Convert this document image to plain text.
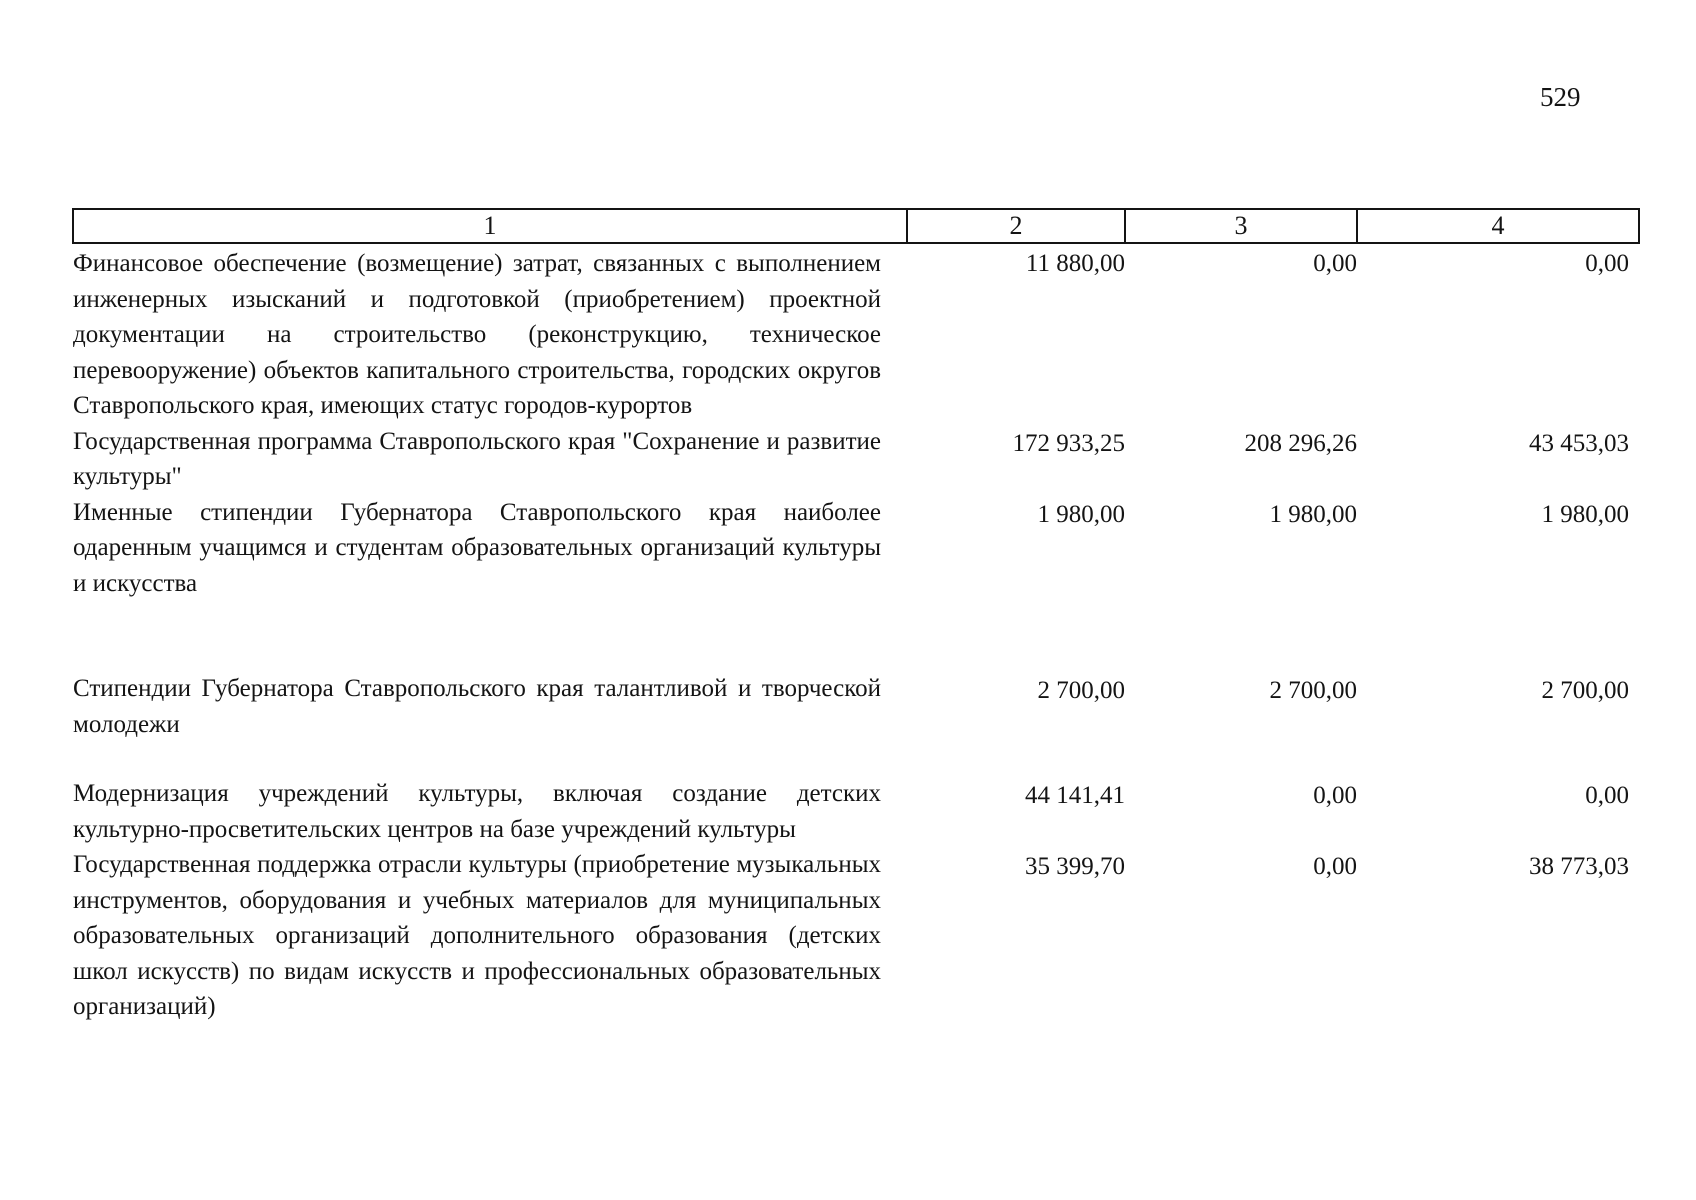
529
1	2	3	4
Финансовое обеспечение (возмещение) затрат, связанных с выполнением инженерных изысканий и подготовкой (приобретением) проектной документации на строительство (реконструкцию, техническое перевооружение) объектов капитального строительства, городских округов Ставропольского края, имеющих статус городов-курортов	11 880,00	0,00	0,00
Государственная программа Ставропольского края "Сохранение и развитие культуры"	172 933,25	208 296,26	43 453,03
Именные стипендии Губернатора Ставропольского края наиболее одаренным учащимся и студентам образовательных организаций культуры и искусства	1 980,00	1 980,00	1 980,00
Стипендии Губернатора Ставропольского края талантливой и творческой молодежи	2 700,00	2 700,00	2 700,00
Модернизация учреждений культуры, включая создание детских культурно-просветительских центров на базе учреждений культуры	44 141,41	0,00	0,00
Государственная поддержка отрасли культуры (приобретение музыкальных инструментов, оборудования и учебных материалов для муниципальных образовательных организаций дополнительного образования (детских школ искусств) по видам искусств и профессиональных образовательных организаций)	35 399,70	0,00	38 773,03
